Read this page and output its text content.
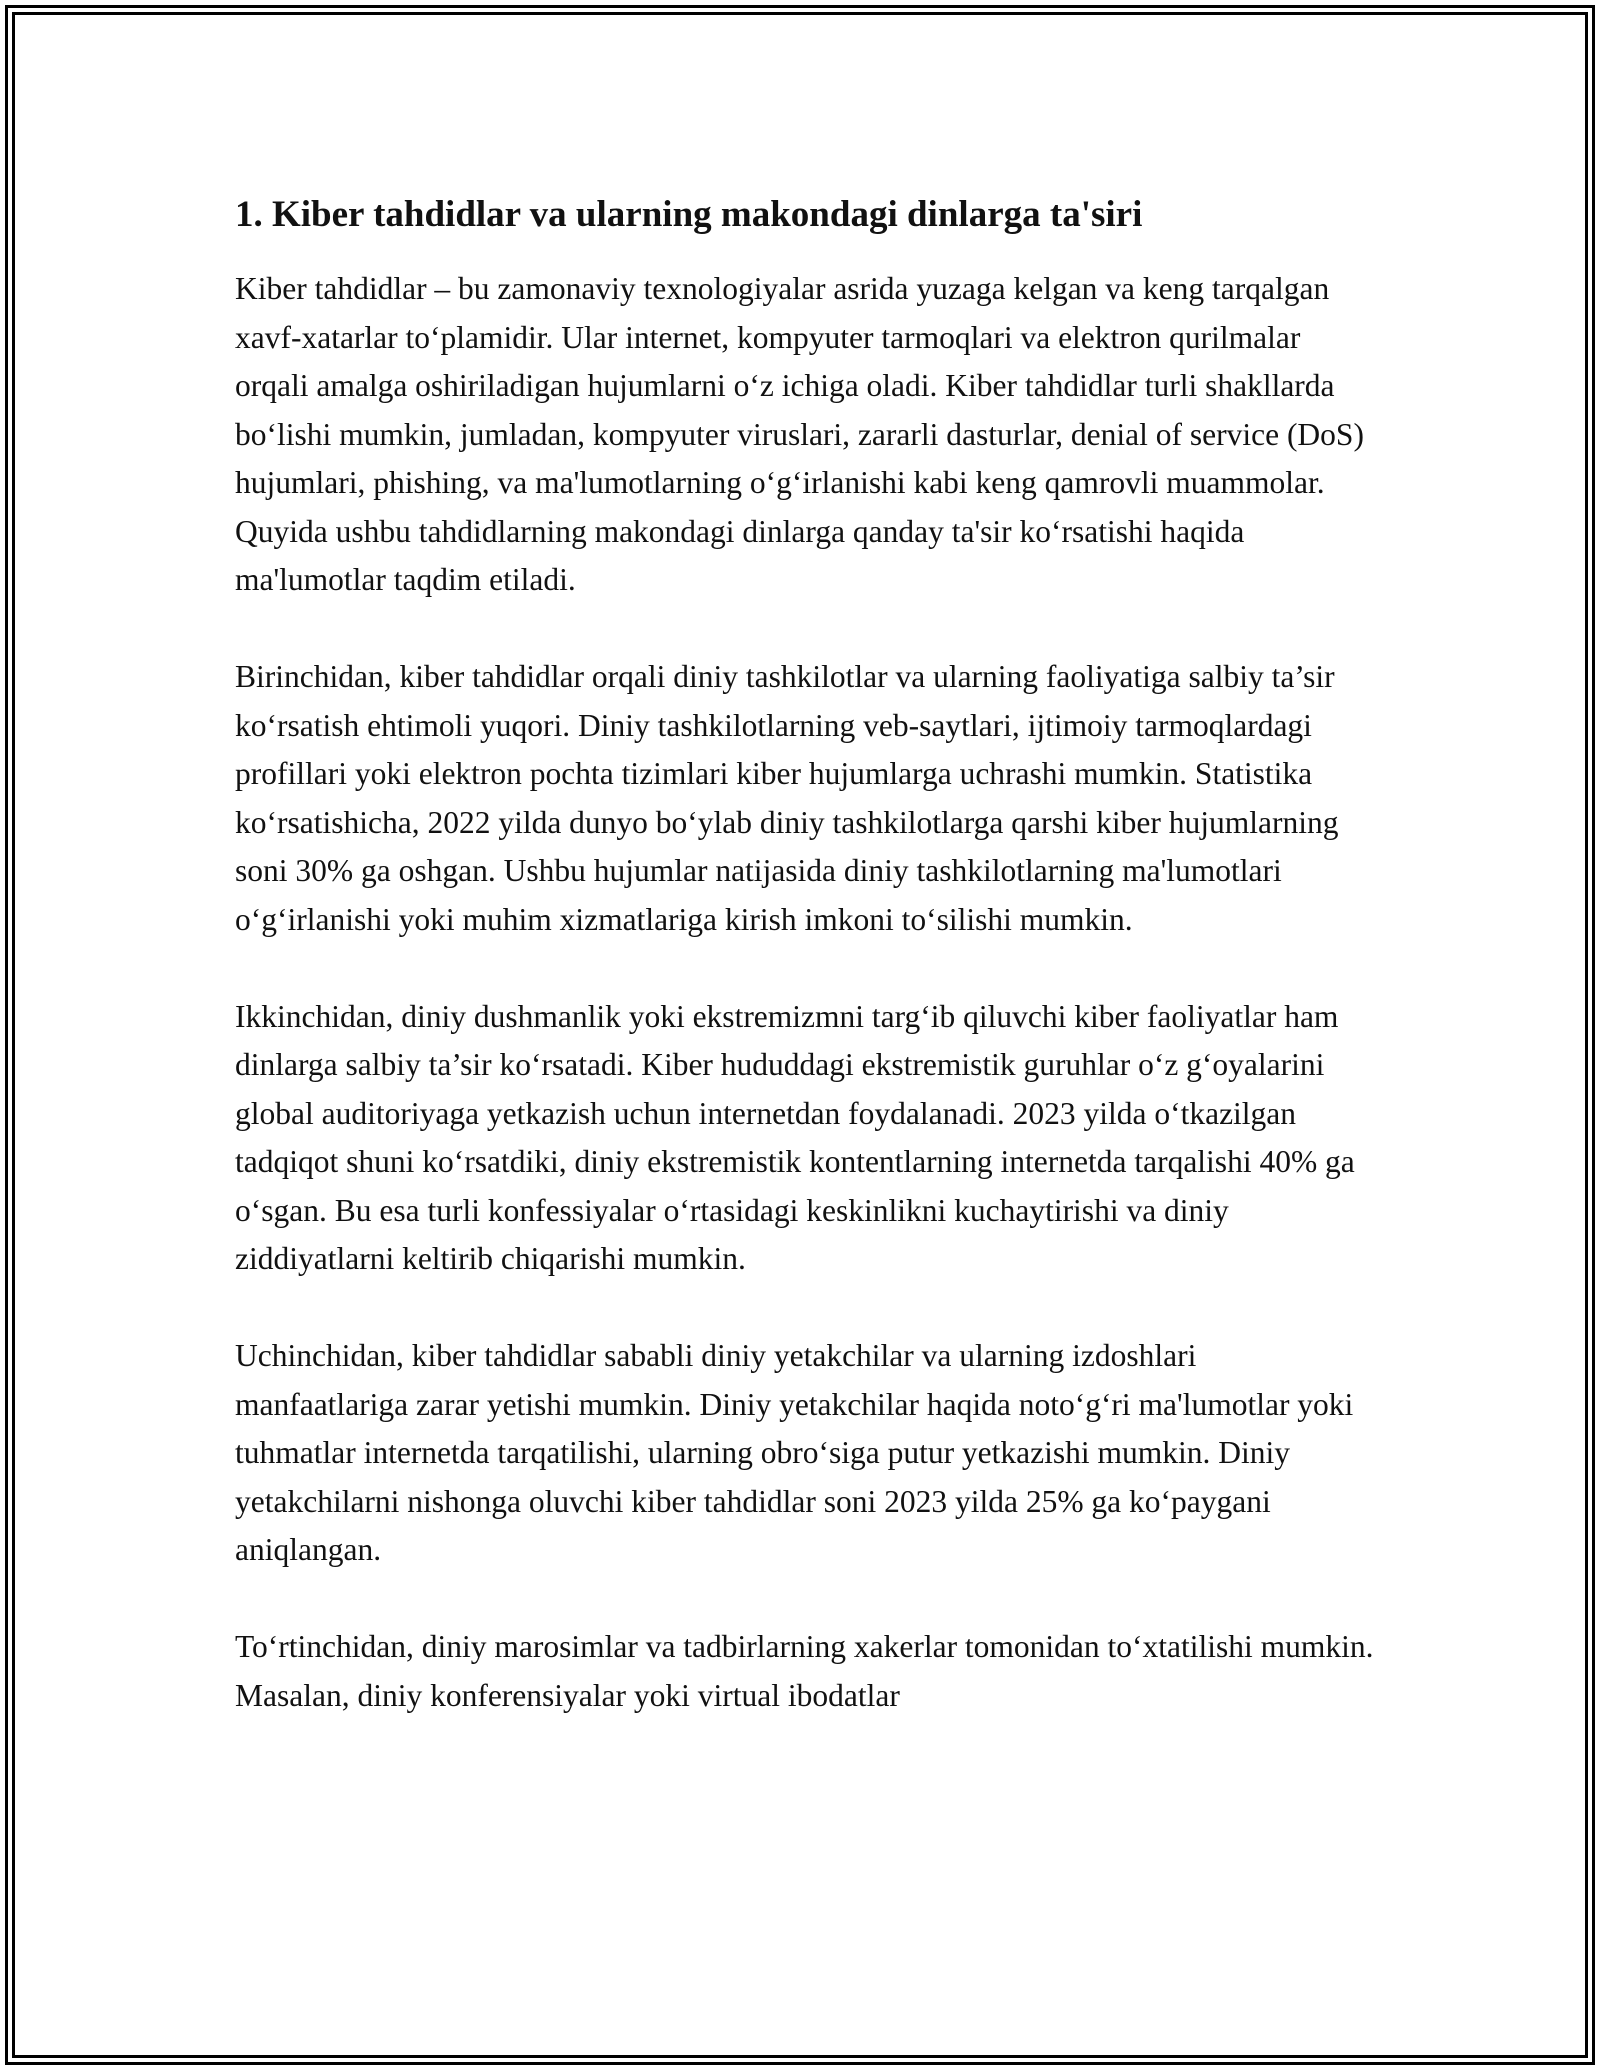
1. Kiber tahdidlar va ularning makondagi dinlarga ta'siri

Kiber tahdidlar – bu zamonaviy texnologiyalar asrida yuzaga kelgan va keng tarqalgan xavf-xatarlar to‘plamidir. Ular internet, kompyuter tarmoqlari va elektron qurilmalar orqali amalga oshiriladigan hujumlarni o‘z ichiga oladi. Kiber tahdidlar turli shakllarda bo‘lishi mumkin, jumladan, kompyuter viruslari, zararli dasturlar, denial of service (DoS) hujumlari, phishing, va ma'lumotlarning o‘g‘irlanishi kabi keng qamrovli muammolar. Quyida ushbu tahdidlarning makondagi dinlarga qanday ta'sir ko‘rsatishi haqida ma'lumotlar taqdim etiladi.

Birinchidan, kiber tahdidlar orqali diniy tashkilotlar va ularning faoliyatiga salbiy ta’sir ko‘rsatish ehtimoli yuqori. Diniy tashkilotlarning veb-saytlari, ijtimoiy tarmoqlardagi profillari yoki elektron pochta tizimlari kiber hujumlarga uchrashi mumkin. Statistika ko‘rsatishicha, 2022 yilda dunyo bo‘ylab diniy tashkilotlarga qarshi kiber hujumlarning soni 30% ga oshgan. Ushbu hujumlar natijasida diniy tashkilotlarning ma'lumotlari o‘g‘irlanishi yoki muhim xizmatlariga kirish imkoni to‘silishi mumkin.

Ikkinchidan, diniy dushmanlik yoki ekstremizmni targ‘ib qiluvchi kiber faoliyatlar ham dinlarga salbiy ta’sir ko‘rsatadi. Kiber hududdagi ekstremistik guruhlar o‘z g‘oyalarini global auditoriyaga yetkazish uchun internetdan foydalanadi. 2023 yilda o‘tkazilgan tadqiqot shuni ko‘rsatdiki, diniy ekstremistik kontentlarning internetda tarqalishi 40% ga o‘sgan. Bu esa turli konfessiyalar o‘rtasidagi keskinlikni kuchaytirishi va diniy ziddiyatlarni keltirib chiqarishi mumkin.

Uchinchidan, kiber tahdidlar sababli diniy yetakchilar va ularning izdoshlari manfaatlariga zarar yetishi mumkin. Diniy yetakchilar haqida noto‘g‘ri ma'lumotlar yoki tuhmatlar internetda tarqatilishi, ularning obro‘siga putur yetkazishi mumkin. Diniy yetakchilarni nishonga oluvchi kiber tahdidlar soni 2023 yilda 25% ga ko‘paygani aniqlangan.

To‘rtinchidan, diniy marosimlar va tadbirlarning xakerlar tomonidan to‘xtatilishi mumkin. Masalan, diniy konferensiyalar yoki virtual ibodatlar
